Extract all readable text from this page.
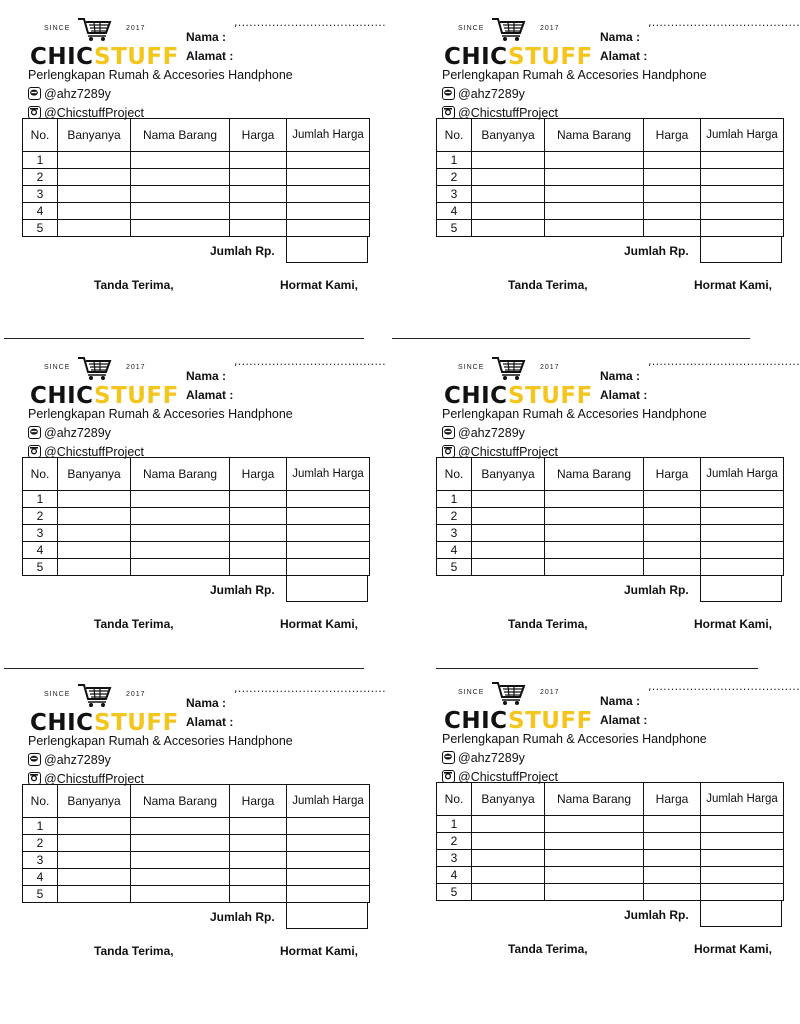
SINCE	2017
CHICSTUFF
,.......................................
Nama :
Alamat :
Perlengkapan Rumah & Accesories Handphone
@ahz7289y
@ChicstuffProject
No.	Banyanya	Nama Barang	Harga	Jumlah Harga
1				
2				
3				
4				
5				
Jumlah Rp.
Tanda Terima,	Hormat Kami,
SINCE	2017
CHICSTUFF
,.......................................
Nama :
Alamat :
Perlengkapan Rumah & Accesories Handphone
@ahz7289y
@ChicstuffProject
No.	Banyanya	Nama Barang	Harga	Jumlah Harga
1				
2				
3				
4				
5				
Jumlah Rp.
Tanda Terima,	Hormat Kami,
SINCE	2017
CHICSTUFF
,.......................................
Nama :
Alamat :
Perlengkapan Rumah & Accesories Handphone
@ahz7289y
@ChicstuffProject
No.	Banyanya	Nama Barang	Harga	Jumlah Harga
1				
2				
3				
4				
5				
Jumlah Rp.
Tanda Terima,	Hormat Kami,
SINCE	2017
CHICSTUFF
,.......................................
Nama :
Alamat :
Perlengkapan Rumah & Accesories Handphone
@ahz7289y
@ChicstuffProject
No.	Banyanya	Nama Barang	Harga	Jumlah Harga
1				
2				
3				
4				
5				
Jumlah Rp.
Tanda Terima,	Hormat Kami,
SINCE	2017
CHICSTUFF
,.......................................
Nama :
Alamat :
Perlengkapan Rumah & Accesories Handphone
@ahz7289y
@ChicstuffProject
No.	Banyanya	Nama Barang	Harga	Jumlah Harga
1				
2				
3				
4				
5				
Jumlah Rp.
Tanda Terima,	Hormat Kami,
SINCE	2017
CHICSTUFF
,.......................................
Nama :
Alamat :
Perlengkapan Rumah & Accesories Handphone
@ahz7289y
@ChicstuffProject
No.	Banyanya	Nama Barang	Harga	Jumlah Harga
1				
2				
3				
4				
5				
Jumlah Rp.
Tanda Terima,	Hormat Kami,
